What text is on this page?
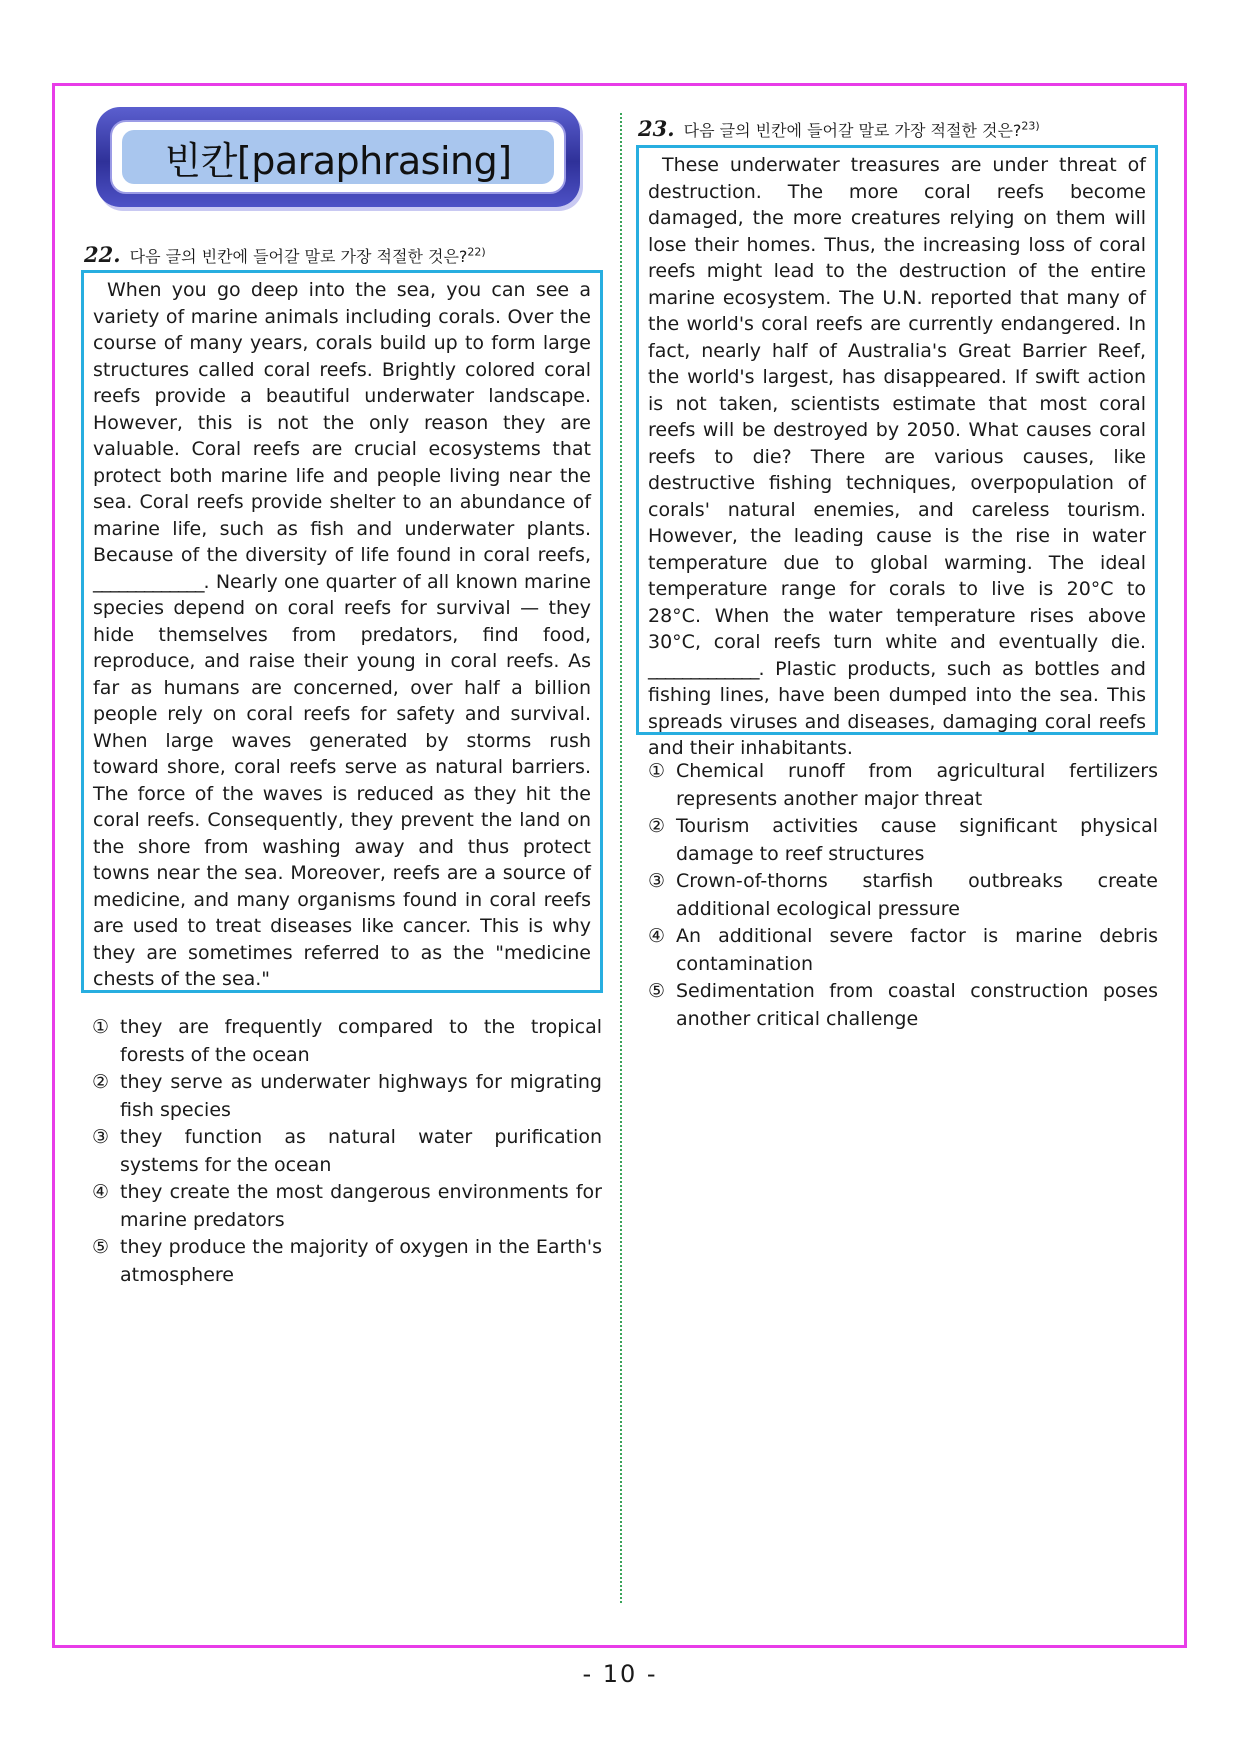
빈칸[paraphrasing]
22. 다음 글의 빈칸에 들어갈 말로 가장 적절한 것은?$^{22)}$
When you go deep into the sea, you can see a variety of marine animals including corals. Over the course of many years, corals build up to form large structures called coral reefs. Brightly colored coral reefs provide a beautiful underwater landscape. However, this is not the only reason they are valuable. Coral reefs are crucial ecosystems that protect both marine life and people living near the sea. Coral reefs provide shelter to an abundance of marine life, such as fish and underwater plants. Because of the diversity of life found in coral reefs, _____________. Nearly one quarter of all known marine species depend on coral reefs for survival — they hide themselves from predators, find food, reproduce, and raise their young in coral reefs. As far as humans are concerned, over half a billion people rely on coral reefs for safety and survival. When large waves generated by storms rush toward shore, coral reefs serve as natural barriers. The force of the waves is reduced as they hit the coral reefs. Consequently, they prevent the land on the shore from washing away and thus protect towns near the sea. Moreover, reefs are a source of medicine, and many organisms found in coral reefs are used to treat diseases like cancer. This is why they are sometimes referred to as the "medicine chests of the sea."
① they are frequently compared to the tropical forests of the ocean
② they serve as underwater highways for migrating fish species
③ they function as natural water purification systems for the ocean
④ they create the most dangerous environments for marine predators
⑤ they produce the majority of oxygen in the Earth's atmosphere
23. 다음 글의 빈칸에 들어갈 말로 가장 적절한 것은?$^{23)}$
These underwater treasures are under threat of destruction. The more coral reefs become damaged, the more creatures relying on them will lose their homes. Thus, the increasing loss of coral reefs might lead to the destruction of the entire marine ecosystem. The U.N. reported that many of the world's coral reefs are currently endangered. In fact, nearly half of Australia's Great Barrier Reef, the world's largest, has disappeared. If swift action is not taken, scientists estimate that most coral reefs will be destroyed by 2050. What causes coral reefs to die? There are various causes, like destructive fishing techniques, overpopulation of corals' natural enemies, and careless tourism. However, the leading cause is the rise in water temperature due to global warming. The ideal temperature range for corals to live is 20°C to 28°C. When the water temperature rises above 30°C, coral reefs turn white and eventually die. _____________. Plastic products, such as bottles and fishing lines, have been dumped into the sea. This spreads viruses and diseases, damaging coral reefs and their inhabitants.
① Chemical runoff from agricultural fertilizers represents another major threat
② Tourism activities cause significant physical damage to reef structures
③ Crown-of-thorns starfish outbreaks create additional ecological pressure
④ An additional severe factor is marine debris contamination
⑤ Sedimentation from coastal construction poses another critical challenge
- 10 -
